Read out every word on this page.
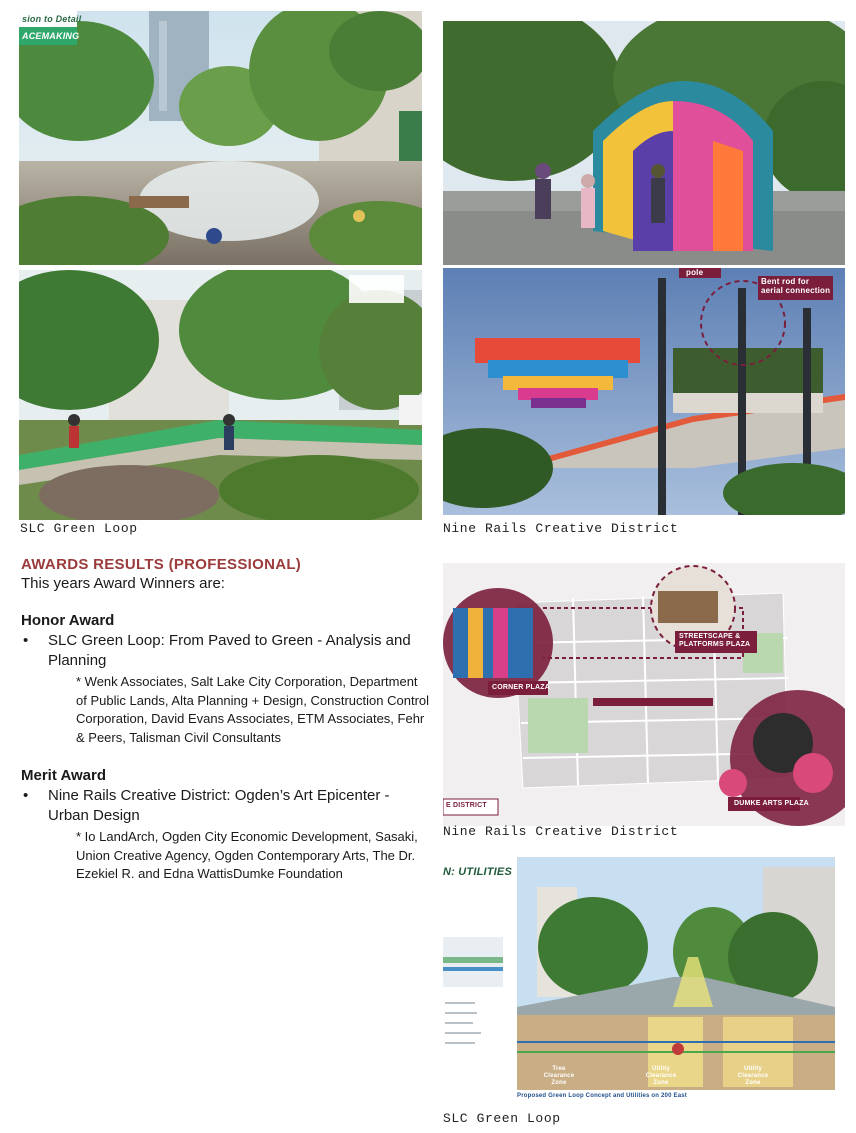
sion to Detail
ACEMAKING
pole
Bent rod for aerial connection
SLC Green Loop	Nine Rails Creative District
AWARDS RESULTS (PROFESSIONAL)
This years Award Winners are:
Honor Award
•	SLC Green Loop: From Paved to Green - Analysis and Planning
* Wenk Associates, Salt Lake City Corporation, Department of Public Lands, Alta Planning + Design, Construction Control Corporation, David Evans Associates, ETM Associates, Fehr & Peers, Talisman Civil Consultants
Merit Award
•	Nine Rails Creative District: Ogden’s Art Epicenter - Urban Design
* Io LandArch, Ogden City Economic Development, Sasaki, Union Creative Agency, Ogden Contemporary Arts, The Dr. Ezekiel R. and Edna WattisDumke Foundation
CORNER PLAZA
STREETSCAPE & PLATFORMS PLAZA
DUMKE ARTS PLAZA
E DISTRICT
Nine Rails Creative District
N: UTILITIES
Tree Clearance Zone
Utility Clearance Zone
Utility Clearance Zone
Proposed Green Loop Concept and Utilities on 200 East
SLC Green Loop
